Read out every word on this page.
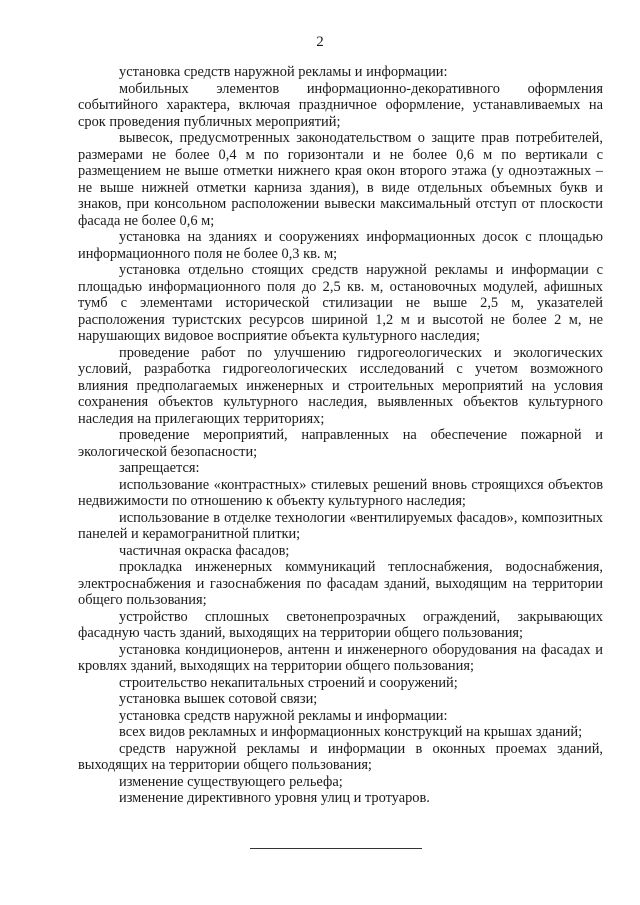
2

установка средств наружной рекламы и информации:

мобильных элементов информационно-декоративного оформления событийного характера, включая праздничное оформление, устанавливаемых на срок проведения публичных мероприятий;

вывесок, предусмотренных законодательством о защите прав потребителей, размерами не более 0,4 м по горизонтали и не более 0,6 м по вертикали с размещением не выше отметки нижнего края окон второго этажа (у одноэтажных – не выше нижней отметки карниза здания), в виде отдельных объемных букв и знаков, при консольном расположении вывески максимальный отступ от плоскости фасада не более 0,6 м;

установка на зданиях и сооружениях информационных досок с площадью информационного поля не более 0,3 кв. м;

установка отдельно стоящих средств наружной рекламы и информации с площадью информационного поля до 2,5 кв. м, остановочных модулей, афишных тумб с элементами исторической стилизации не выше 2,5 м, указателей расположения туристских ресурсов шириной 1,2 м и высотой не более 2 м, не нарушающих видовое восприятие объекта культурного наследия;

проведение работ по улучшению гидрогеологических и экологических условий, разработка гидрогеологических исследований с учетом возможного влияния предполагаемых инженерных и строительных мероприятий на условия сохранения объектов культурного наследия, выявленных объектов культурного наследия на прилегающих территориях;

проведение мероприятий, направленных на обеспечение пожарной и экологической безопасности;

запрещается:

использование «контрастных» стилевых решений вновь строящихся объектов недвижимости по отношению к объекту культурного наследия;

использование в отделке технологии «вентилируемых фасадов», композитных панелей и керамогранитной плитки;

частичная окраска фасадов;

прокладка инженерных коммуникаций теплоснабжения, водоснабжения, электроснабжения и газоснабжения по фасадам зданий, выходящим на территории общего пользования;

устройство сплошных светонепрозрачных ограждений, закрывающих фасадную часть зданий, выходящих на территории общего пользования;

установка кондиционеров, антенн и инженерного оборудования на фасадах и кровлях зданий, выходящих на территории общего пользования;

строительство некапитальных строений и сооружений;

установка вышек сотовой связи;

установка средств наружной рекламы и информации:

всех видов рекламных и информационных конструкций на крышах зданий;

средств наружной рекламы и информации в оконных проемах зданий, выходящих на территории общего пользования;

изменение существующего рельефа;

изменение директивного уровня улиц и тротуаров.
